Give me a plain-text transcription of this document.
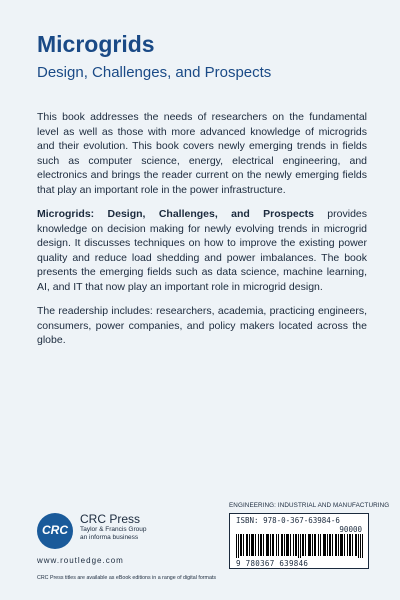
Microgrids
Design, Challenges, and Prospects

This book addresses the needs of researchers on the fundamental level as well as those with more advanced knowledge of microgrids and their evolution. This book covers newly emerging trends in fields such as computer science, energy, electrical engineering, and electronics and brings the reader current on the newly emerging fields that play an important role in the power infrastructure.

Microgrids: Design, Challenges, and Prospects provides knowledge on decision making for newly evolving trends in microgrid design. It discusses techniques on how to improve the existing power quality and reduce load shedding and power imbalances. The book presents the emerging fields such as data science, machine learning, AI, and IT that now play an important role in microgrid design.

The readership includes: researchers, academia, practicing engineers, consumers, power companies, and policy makers located across the globe.

ENGINEERING: INDUSTRIAL AND MANUFACTURING
ISBN: 978-0-367-63984-6
90000
9 780367 639846
CRC
CRC Press
Taylor & Francis Group
an informa business
www.routledge.com
CRC Press titles are available as eBook editions in a range of digital formats
